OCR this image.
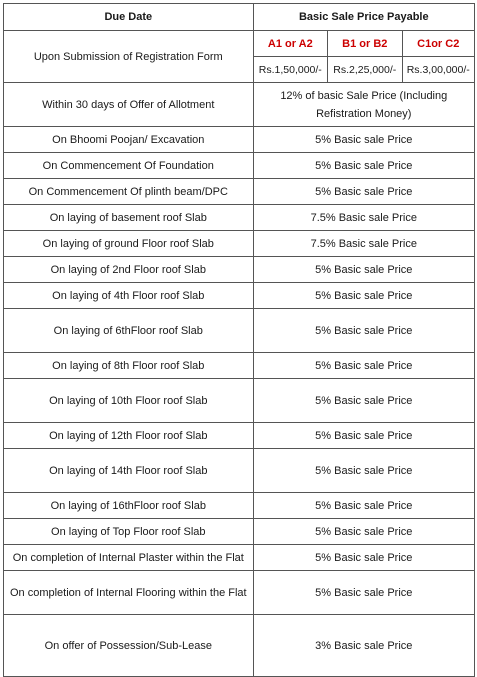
Due Date	Basic Sale Price Payable		
Upon Submission of Registration Form	A1 or A2	B1 or B2	C1or C2
	Rs.1,50,000/-	Rs.2,25,000/-	Rs.3,00,000/-
Within 30 days of Offer of Allotment	12% of basic Sale Price (Including Refistration Money)		
On Bhoomi Poojan/ Excavation	5% Basic sale Price		
On Commencement Of Foundation	5% Basic sale Price		
On Commencement Of plinth beam/DPC	5% Basic sale Price		
On laying of basement roof Slab	7.5% Basic sale Price		
On laying of ground Floor roof Slab	7.5% Basic sale Price		
On laying of 2nd Floor roof Slab	5% Basic sale Price		
On laying of 4th Floor roof Slab	5% Basic sale Price		
On laying of 6thFloor roof Slab	5% Basic sale Price		
On laying of 8th Floor roof Slab	5% Basic sale Price		
On laying of 10th Floor roof Slab	5% Basic sale Price		
On laying of 12th Floor roof Slab	5% Basic sale Price		
On laying of 14th Floor roof Slab	5% Basic sale Price		
On laying of 16thFloor roof Slab	5% Basic sale Price		
On laying of Top Floor roof Slab	5% Basic sale Price		
On completion of Internal Plaster within the Flat	5% Basic sale Price		
On completion of Internal Flooring within the Flat	5% Basic sale Price		
On offer of Possession/Sub-Lease	3% Basic sale Price		
